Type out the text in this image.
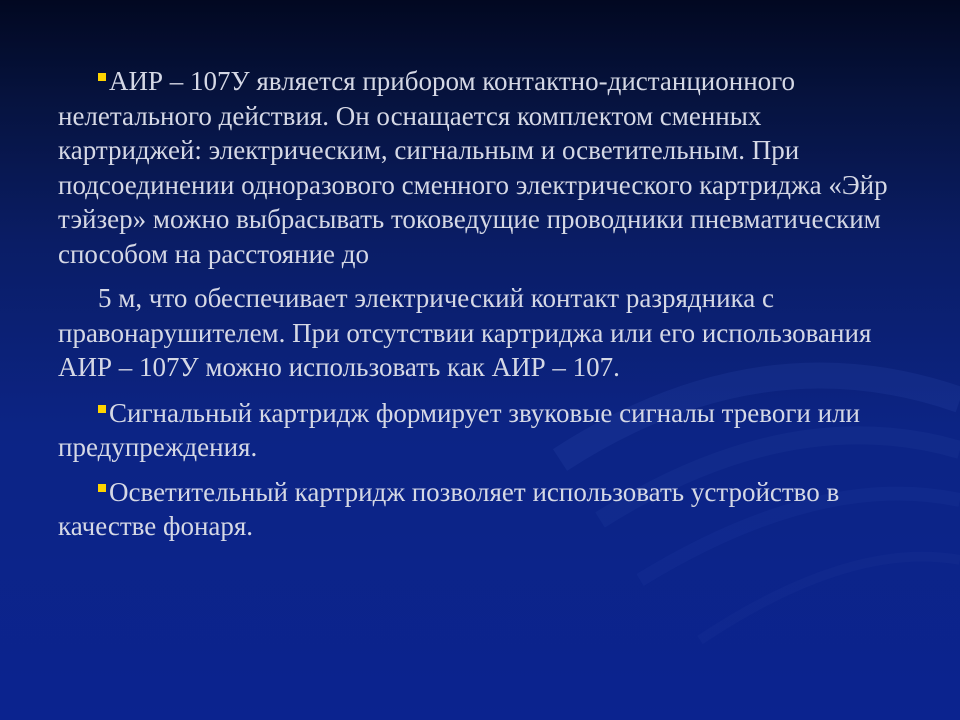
АИР – 107У является прибором контактно-дистанционного нелетального действия. Он оснащается комплектом сменных картриджей: электрическим, сигнальным и осветительным. При подсоединении одноразового сменного электрического картриджа «Эйр тэйзер» можно выбрасывать токоведущие проводники пневматическим способом на расстояние до

5 м, что обеспечивает электрический контакт разрядника с правонарушителем. При отсутствии картриджа или его использования АИР – 107У можно использовать как АИР – 107.

Сигнальный картридж формирует звуковые сигналы тревоги или предупреждения.

Осветительный картридж позволяет использовать устройство в качестве фонаря.
